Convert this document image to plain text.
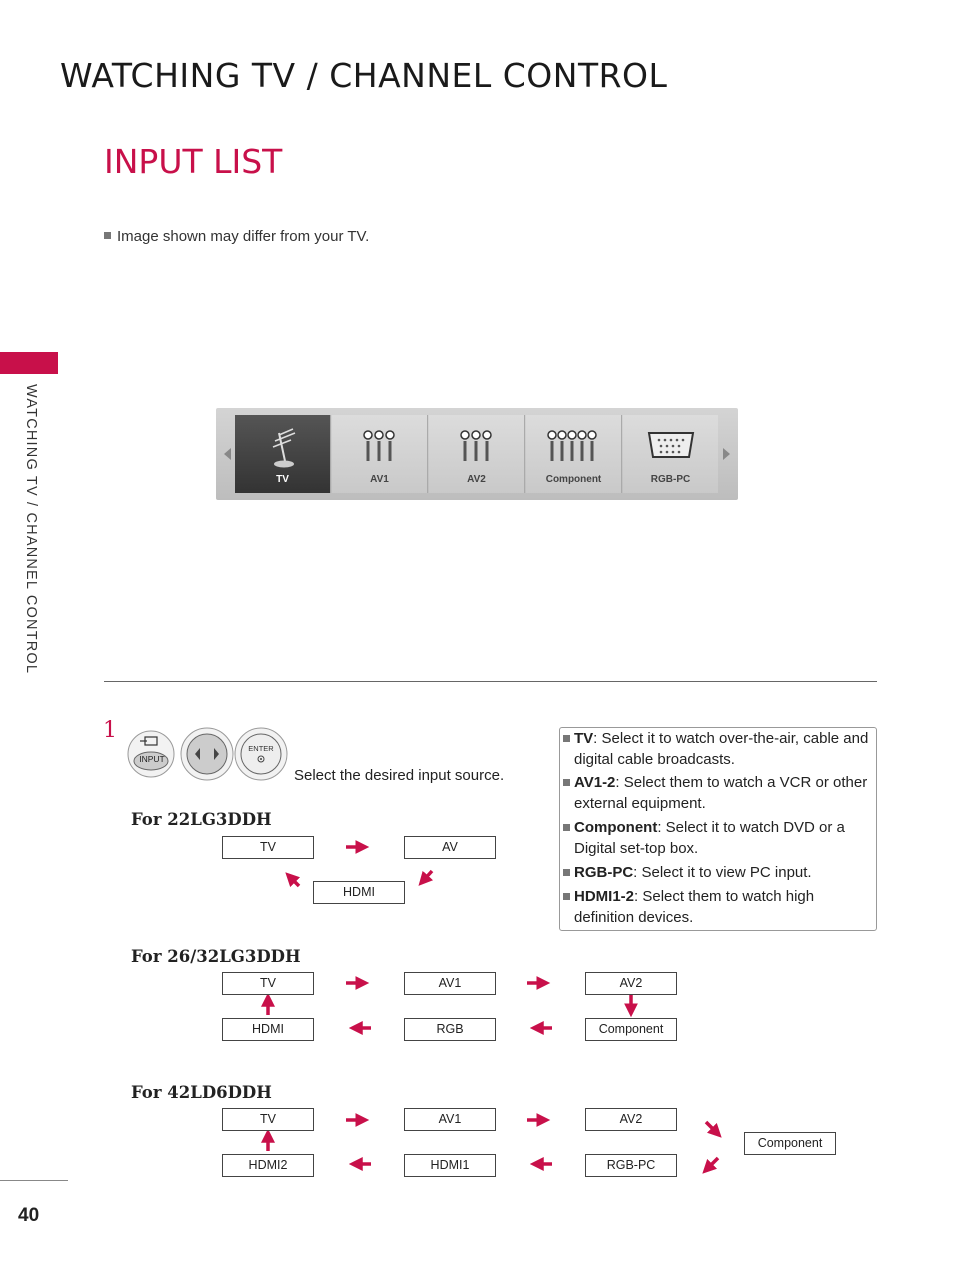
WATCHING TV / CHANNEL CONTROL
INPUT LIST
Image shown may differ from your TV.
WATCHING TV / CHANNEL CONTROL
40
TV	AV1	AV2	Component	RGB-PC
1
INPUT
ENTER
Select the desired input source.
TV: Select it to watch over-the-air, cable and digital cable broadcasts.
AV1-2: Select them to watch a VCR or other external equipment.
Component: Select it to watch DVD or a Digital set-top box.
RGB-PC: Select it to view PC input.
HDMI1-2: Select them to watch high definition devices.
For 22LG3DDH
TV	AV
HDMI
For 26/32LG3DDH
TV	AV1	AV2
HDMI	RGB	Component
For 42LD6DDH
TV	AV1	AV2
Component
HDMI2	HDMI1	RGB-PC
